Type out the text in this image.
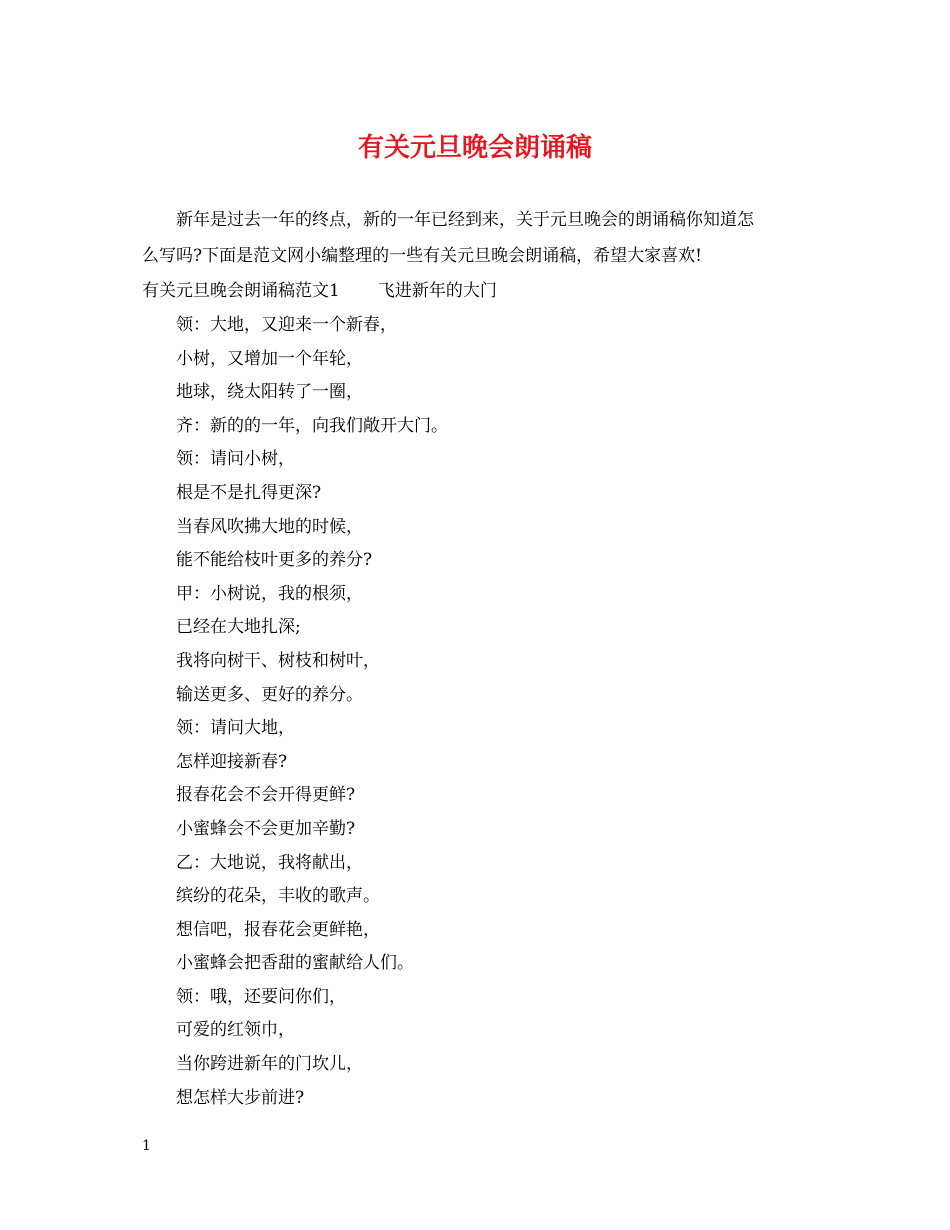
有关元旦晚会朗诵稿
新年是过去一年的终点，新的一年已经到来，关于元旦晚会的朗诵稿你知道怎
么写吗?下面是范文网小编整理的一些有关元旦晚会朗诵稿，希望大家喜欢!
有关元旦晚会朗诵稿范文1 飞进新年的大门
领：大地，又迎来一个新春，
小树，又增加一个年轮，
地球，绕太阳转了一圈，
齐：新的的一年，向我们敞开大门。
领：请问小树，
根是不是扎得更深?
当春风吹拂大地的时候，
能不能给枝叶更多的养分?
甲：小树说，我的根须，
已经在大地扎深;
我将向树干、树枝和树叶，
输送更多、更好的养分。
领：请问大地，
怎样迎接新春?
报春花会不会开得更鲜?
小蜜蜂会不会更加辛勤?
乙：大地说，我将献出，
缤纷的花朵，丰收的歌声。
想信吧，报春花会更鲜艳，
小蜜蜂会把香甜的蜜献给人们。
领：哦，还要问你们，
可爱的红领巾，
当你跨进新年的门坎儿，
想怎样大步前进?
1
